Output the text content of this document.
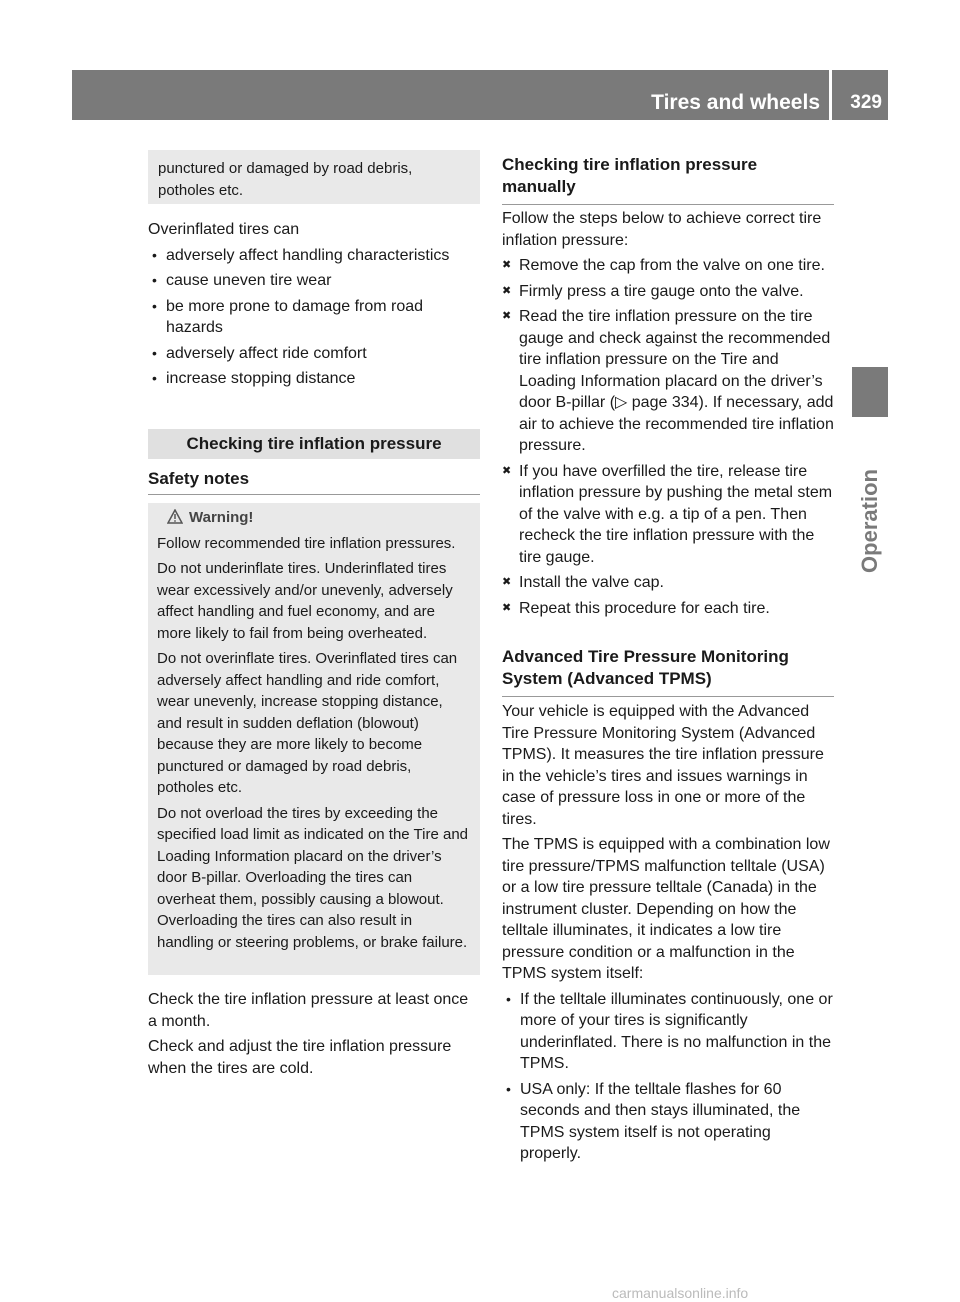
Tires and wheels 329
Operation
punctured or damaged by road debris, potholes etc.

Overinflated tires can

• adversely affect handling characteristics
• cause uneven tire wear
• be more prone to damage from road hazards
• adversely affect ride comfort
• increase stopping distance
Checking tire inflation pressure
Safety notes
Warning!

Follow recommended tire inflation pressures.

Do not underinflate tires. Underinflated tires wear excessively and/or unevenly, adversely affect handling and fuel economy, and are more likely to fail from being overheated.

Do not overinflate tires. Overinflated tires can adversely affect handling and ride comfort, wear unevenly, increase stopping distance, and result in sudden deflation (blowout) because they are more likely to become punctured or damaged by road debris, potholes etc.

Do not overload the tires by exceeding the specified load limit as indicated on the Tire and Loading Information placard on the driver’s door B-pillar. Overloading the tires can overheat them, possibly causing a blowout. Overloading the tires can also result in handling or steering problems, or brake failure.

Check the tire inflation pressure at least once a month.

Check and adjust the tire inflation pressure when the tires are cold.

Checking tire inflation pressure manually

Follow the steps below to achieve correct tire inflation pressure:

✖ Remove the cap from the valve on one tire.
✖ Firmly press a tire gauge onto the valve.
✖ Read the tire inflation pressure on the tire gauge and check against the recommended tire inflation pressure on the Tire and Loading Information placard on the driver’s door B-pillar (▷ page 334). If necessary, add air to achieve the recommended tire inflation pressure.
✖ If you have overfilled the tire, release tire inflation pressure by pushing the metal stem of the valve with e.g. a tip of a pen. Then recheck the tire inflation pressure with the tire gauge.
✖ Install the valve cap.
✖ Repeat this procedure for each tire.
Advanced Tire Pressure Monitoring System (Advanced TPMS)

Your vehicle is equipped with the Advanced Tire Pressure Monitoring System (Advanced TPMS). It measures the tire inflation pressure in the vehicle’s tires and issues warnings in case of pressure loss in one or more of the tires.

The TPMS is equipped with a combination low tire pressure/TPMS malfunction telltale (USA) or a low tire pressure telltale (Canada) in the instrument cluster. Depending on how the telltale illuminates, it indicates a low tire pressure condition or a malfunction in the TPMS system itself:

• If the telltale illuminates continuously, one or more of your tires is significantly underinflated. There is no malfunction in the TPMS.
• USA only: If the telltale flashes for 60 seconds and then stays illuminated, the TPMS system itself is not operating properly.
carmanualsonline.info
